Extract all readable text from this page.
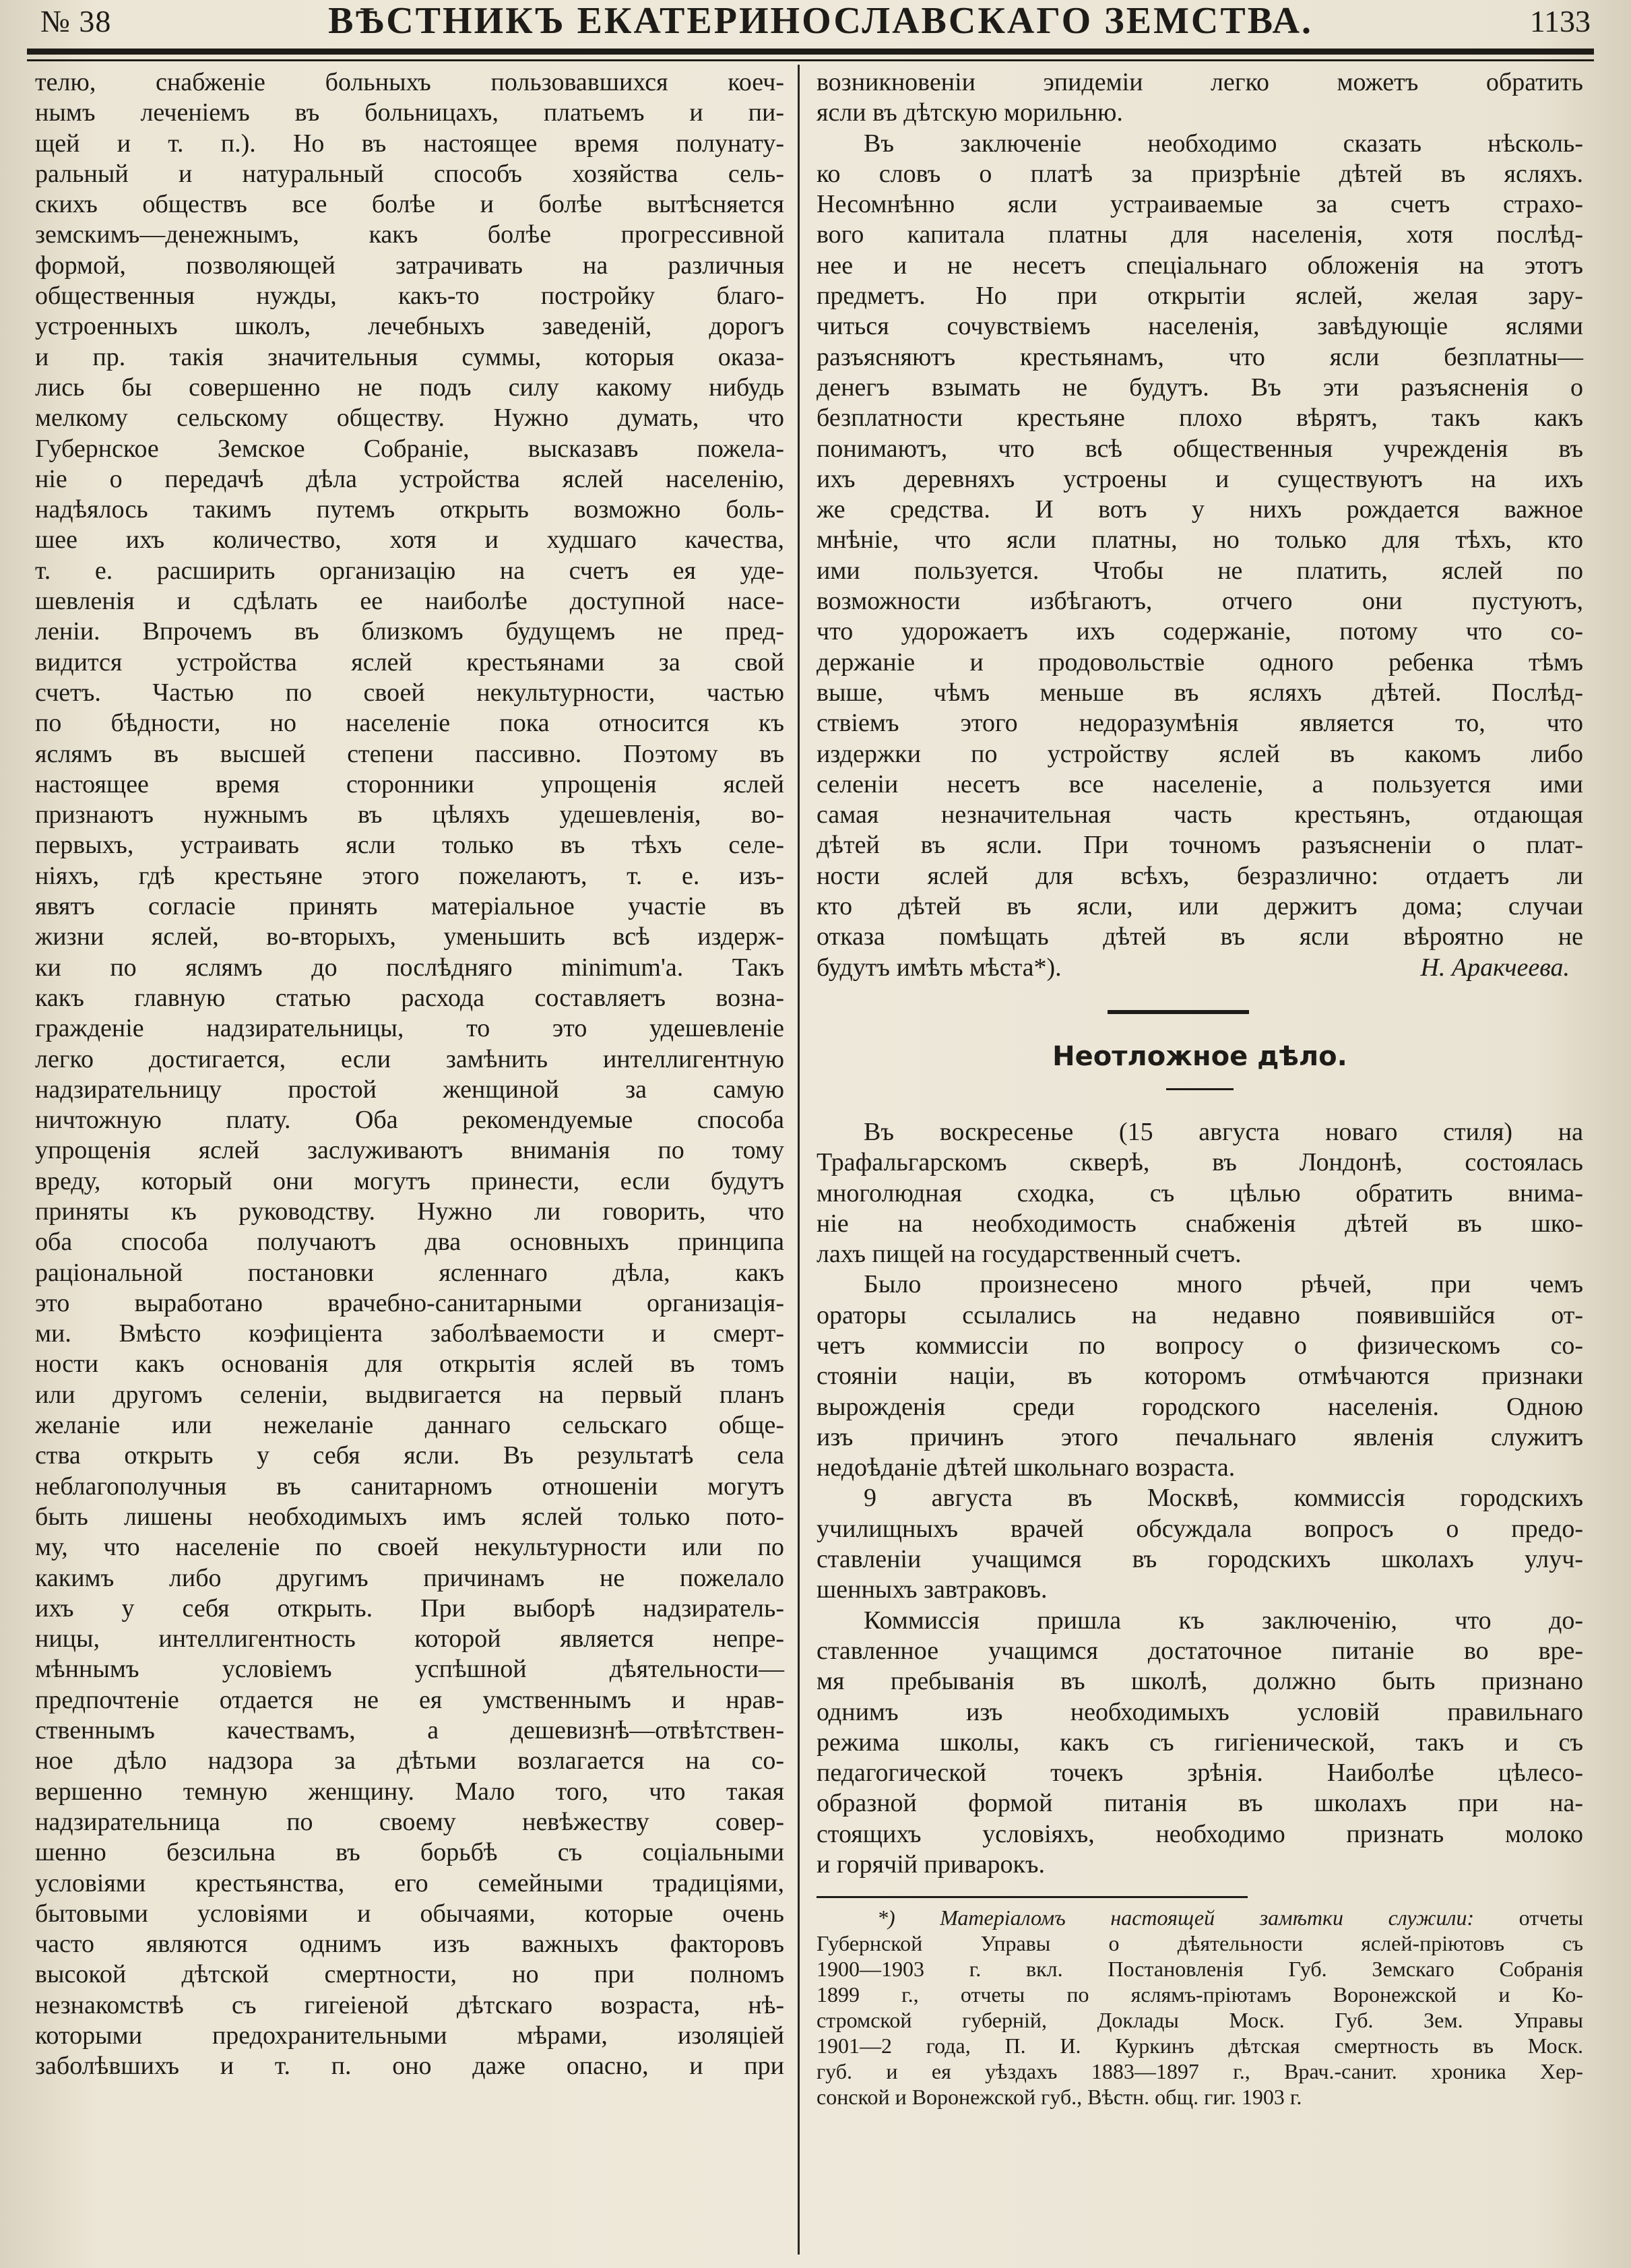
№ 38	ВѢСТНИКЪ ЕКАТЕРИНОСЛАВСКАГО ЗЕМСТВА.	1133
телю, снабженіе больныхъ пользовавшихся коеч-
нымъ леченіемъ въ больницахъ, платьемъ и пи-
щей и т. п.). Но въ настоящее время полунату-
ральный и натуральный способъ хозяйства сель-
скихъ обществъ все болѣе и болѣе вытѣсняется
земскимъ—денежнымъ, какъ болѣе прогрессивной
формой, позволяющей затрачивать на различныя
общественныя нужды, какъ-то постройку благо-
устроенныхъ школъ, лечебныхъ заведеній, дорогъ
и пр. такія значительныя суммы, которыя оказа-
лись бы совершенно не подъ силу какому нибудь
мелкому сельскому обществу. Нужно думать, что
Губернское Земское Собраніе, высказавъ пожела-
ніе о передачѣ дѣла устройства яслей населенію,
надѣялось такимъ путемъ открыть возможно боль-
шее ихъ количество, хотя и худшаго качества,
т. е. расширить организацію на счетъ ея уде-
шевленія и сдѣлать ее наиболѣе доступной насе-
леніи. Впрочемъ въ близкомъ будущемъ не пред-
видится устройства яслей крестьянами за свой
счетъ. Частью по своей некультурности, частью
по бѣдности, но населеніе пока относится къ
яслямъ въ высшей степени пассивно. Поэтому въ
настоящее время сторонники упрощенія яслей
признаютъ нужнымъ въ цѣляхъ удешевленія, во-
первыхъ, устраивать ясли только въ тѣхъ селе-
ніяхъ, гдѣ крестьяне этого пожелаютъ, т. е. изъ-
явятъ согласіе принять матеріальное участіе въ
жизни яслей, во-вторыхъ, уменьшить всѣ издерж-
ки по яслямъ до послѣдняго minimum'а. Такъ
какъ главную статью расхода составляетъ возна-
гражденіе надзирательницы, то это удешевленіе
легко достигается, если замѣнить интеллигентную
надзирательницу простой женщиной за самую
ничтожную плату. Оба рекомендуемые способа
упрощенія яслей заслуживаютъ вниманія по тому
вреду, который они могутъ принести, если будутъ
приняты къ руководству. Нужно ли говорить, что
оба способа получаютъ два основныхъ принципа
раціональной постановки ясленнаго дѣла, какъ
это выработано врачебно-санитарными организація-
ми. Вмѣсто коэфиціента заболѣваемости и смерт-
ности какъ основанія для открытія яслей въ томъ
или другомъ селеніи, выдвигается на первый планъ
желаніе или нежеланіе даннаго сельскаго обще-
ства открыть у себя ясли. Въ результатѣ села
неблагополучныя въ санитарномъ отношеніи могутъ
быть лишены необходимыхъ имъ яслей только пото-
му, что населеніе по своей некультурности или по
какимъ либо другимъ причинамъ не пожелало
ихъ у себя открыть. При выборѣ надзиратель-
ницы, интеллигентность которой является непре-
мѣннымъ условіемъ успѣшной дѣятельности—
предпочтеніе отдается не ея умственнымъ и нрав-
ственнымъ качествамъ, а дешевизнѣ—отвѣтствен-
ное дѣло надзора за дѣтьми возлагается на со-
вершенно темную женщину. Мало того, что такая
надзирательница по своему невѣжеству совер-
шенно безсильна въ борьбѣ съ соціальными
условіями крестьянства, его семейными традиціями,
бытовыми условіями и обычаями, которые очень
часто являются однимъ изъ важныхъ факторовъ
высокой дѣтской смертности, но при полномъ
незнакомствѣ съ гигеіеной дѣтскаго возраста, нѣ-
которыми предохранительными мѣрами, изоляціей
заболѣвшихъ и т. п. оно даже опасно, и при
возникновеніи эпидеміи легко можетъ обратить
ясли въ дѣтскую морильню.
Въ заключеніе необходимо сказать нѣсколь-
ко словъ о платѣ за призрѣніе дѣтей въ ясляхъ.
Несомнѣнно ясли устраиваемые за счетъ страхо-
вого капитала платны для населенія, хотя послѣд-
нее и не несетъ спеціальнаго обложенія на этотъ
предметъ. Но при открытіи яслей, желая зару-
читься сочувствіемъ населенія, завѣдующіе яслями
разъясняютъ крестьянамъ, что ясли безплатны—
денегъ взымать не будутъ. Въ эти разъясненія о
безплатности крестьяне плохо вѣрятъ, такъ какъ
понимаютъ, что всѣ общественныя учрежденія въ
ихъ деревняхъ устроены и существуютъ на ихъ
же средства. И вотъ у нихъ рождается важное
мнѣніе, что ясли платны, но только для тѣхъ, кто
ими пользуется. Чтобы не платить, яслей по
возможности избѣгаютъ, отчего они пустуютъ,
что удорожаетъ ихъ содержаніе, потому что со-
держаніе и продовольствіе одного ребенка тѣмъ
выше, чѣмъ меньше въ ясляхъ дѣтей. Послѣд-
ствіемъ этого недоразумѣнія является то, что
издержки по устройству яслей въ какомъ либо
селеніи несетъ все населеніе, а пользуется ими
самая незначительная часть крестьянъ, отдающая
дѣтей въ ясли. При точномъ разъясненіи о плат-
ности яслей для всѣхъ, безразлично: отдаетъ ли
кто дѣтей въ ясли, или держитъ дома; случаи
отказа помѣщать дѣтей въ ясли вѣроятно не
будутъ имѣть мѣста*).	Н. Аракчеева.
Неотложное дѣло.
Въ воскресенье (15 августа новаго стиля) на
Трафальгарскомъ скверѣ, въ Лондонѣ, состоялась
многолюдная сходка, съ цѣлью обратить внима-
ніе на необходимость снабженія дѣтей въ шко-
лахъ пищей на государственный счетъ.
Было произнесено много рѣчей, при чемъ
ораторы ссылались на недавно появившійся от-
четъ коммиссіи по вопросу о физическомъ со-
стояніи націи, въ которомъ отмѣчаются признаки
вырожденія среди городского населенія. Одною
изъ причинъ этого печальнаго явленія служитъ
недоѣданіе дѣтей школьнаго возраста.
9 августа въ Москвѣ, коммиссія городскихъ
училищныхъ врачей обсуждала вопросъ о предо-
ставленіи учащимся въ городскихъ школахъ улуч-
шенныхъ завтраковъ.
Коммиссія пришла къ заключенію, что до-
ставленное учащимся достаточное питаніе во вре-
мя пребыванія въ школѣ, должно быть признано
однимъ изъ необходимыхъ условій правильнаго
режима школы, какъ съ гигіенической, такъ и съ
педагогической точекъ зрѣнія. Наиболѣе цѣлесо-
образной формой питанія въ школахъ при на-
стоящихъ условіяхъ, необходимо признать молоко
и горячій приварокъ.
*) Матеріаломъ настоящей замѣтки служили: отчеты
Губернской Управы о дѣятельности яслей-пріютовъ съ
1900—1903 г. вкл. Постановленія Губ. Земскаго Собранія
1899 г., отчеты по яслямъ-пріютамъ Воронежской и Ко-
стромской губерній, Доклады Моск. Губ. Зем. Управы
1901—2 года, П. И. Куркинъ дѣтская смертность въ Моск.
губ. и ея уѣздахъ 1883—1897 г., Врач.-санит. хроника Хер-
сонской и Воронежской губ., Вѣстн. общ. гиг. 1903 г.
